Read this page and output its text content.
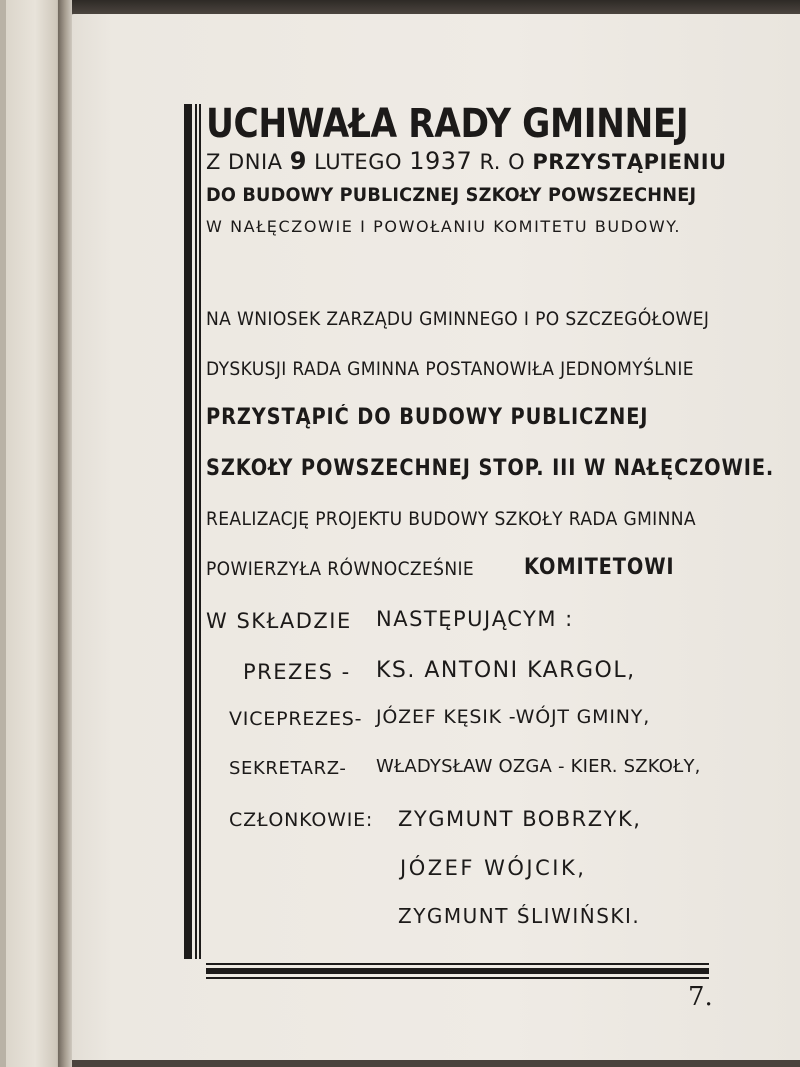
UCHWAŁA RADY GMINNEJ

Z DNIA 9 LUTEGO 1937 R. O PRZYSTĄPIENIU

DO BUDOWY PUBLICZNEJ SZKOŁY POWSZECHNEJ

W NAŁĘCZOWIE I POWOŁANIU KOMITETU BUDOWY.

NA WNIOSEK ZARZĄDU GMINNEGO I PO SZCZEGÓŁOWEJ

DYSKUSJI RADA GMINNA POSTANOWIŁA JEDNOMYŚLNIE

PRZYSTĄPIĆ DO BUDOWY PUBLICZNEJ

SZKOŁY POWSZECHNEJ STOP. III W NAŁĘCZOWIE.

REALIZACJĘ PROJEKTU BUDOWY SZKOŁY RADA GMINNA

POWIERZYŁA RÓWNOCZEŚNIE KOMITETOWI

W SKŁADZIE NASTĘPUJĄCYM :

PREZES - KS. ANTONI KARGOL,

VICEPREZES- JÓZEF KĘSIK -WÓJT GMINY,

SEKRETARZ- WŁADYSŁAW OZGA - KIER. SZKOŁY,

CZŁONKOWIE: ZYGMUNT BOBRZYK,

JÓZEF WÓJCIK,

ZYGMUNT ŚLIWIŃSKI.

7.
